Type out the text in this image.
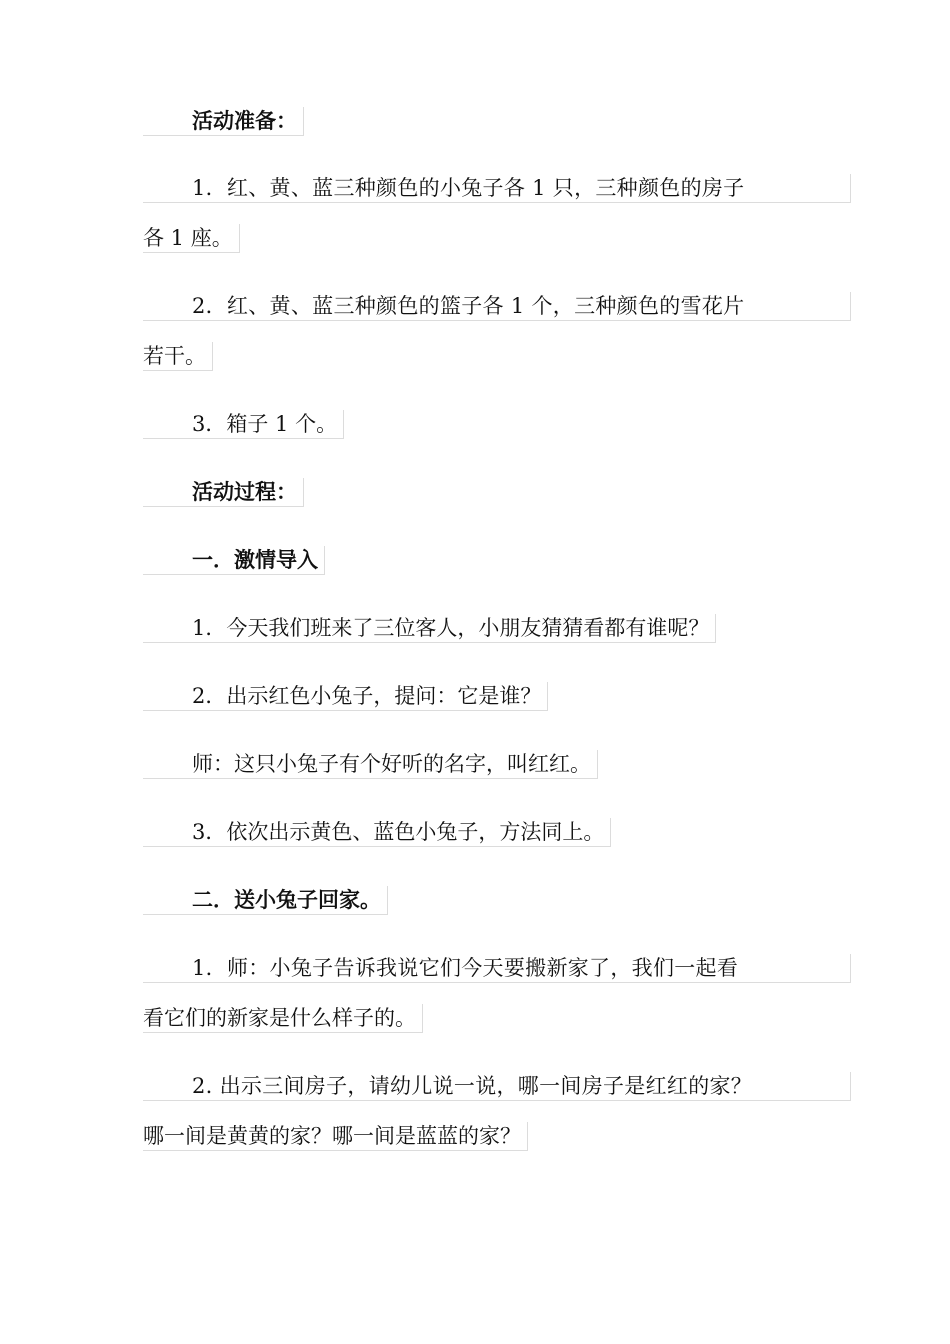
活动准备：
1．红、黄、蓝三种颜色的小兔子各 1 只，三种颜色的房子
各 1 座。
2．红、黄、蓝三种颜色的篮子各 1 个，三种颜色的雪花片
若干。
3．箱子 1 个。
活动过程：
一．激情导入
1．今天我们班来了三位客人，小朋友猜猜看都有谁呢？
2．出示红色小兔子，提问：它是谁？
师：这只小兔子有个好听的名字，叫红红。
3．依次出示黄色、蓝色小兔子，方法同上。
二．送小兔子回家。
1．师：小兔子告诉我说它们今天要搬新家了，我们一起看
看它们的新家是什么样子的。
2. 出示三间房子，请幼儿说一说，哪一间房子是红红的家？
哪一间是黄黄的家？哪一间是蓝蓝的家？
